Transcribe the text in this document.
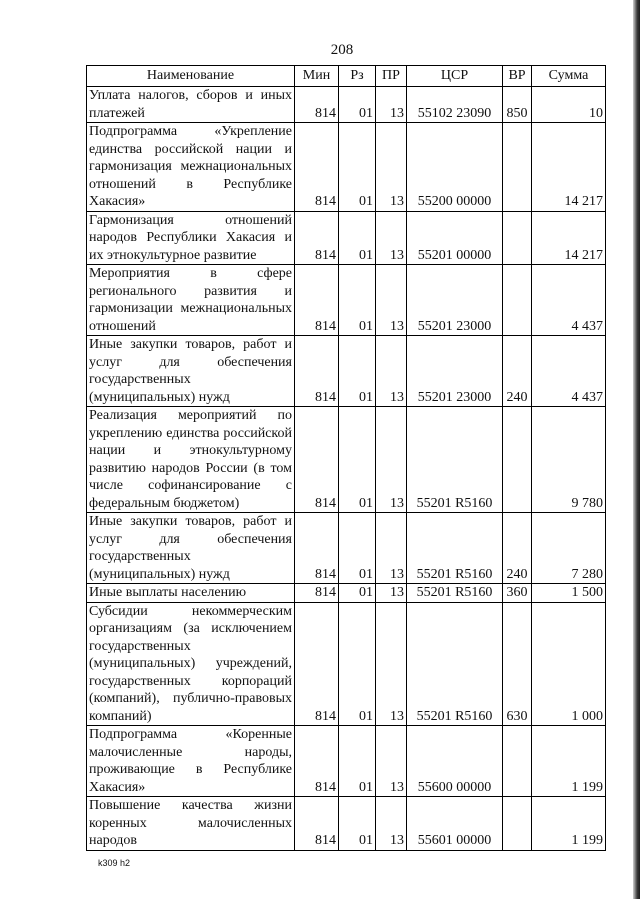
208
Наименование	Мин	Рз	ПР	ЦСР	ВР	Сумма
Уплата налогов, сборов и иных платежей	814	01	13	55102 23090	850	10
Подпрограмма «Укрепление единства российской нации и гармонизация межнациональных отношений в Республике Хакасия»	814	01	13	55200 00000		14 217
Гармонизация отношений народов Республики Хакасия и их этнокультурное развитие	814	01	13	55201 00000		14 217
Мероприятия в сфере регионального развития и гармонизации межнациональных отношений	814	01	13	55201 23000		4 437
Иные закупки товаров, работ и услуг для обеспечения государственных (муниципальных) нужд	814	01	13	55201 23000	240	4 437
Реализация мероприятий по укреплению единства российской нации и этнокультурному развитию народов России (в том числе софинансирование с федеральным бюджетом)	814	01	13	55201 R5160		9 780
Иные закупки товаров, работ и услуг для обеспечения государственных (муниципальных) нужд	814	01	13	55201 R5160	240	7 280
Иные выплаты населению	814	01	13	55201 R5160	360	1 500
Субсидии некоммерческим организациям (за исключением государственных (муниципальных) учреждений, государственных корпораций (компаний), публично-правовых компаний)	814	01	13	55201 R5160	630	1 000
Подпрограмма «Коренные малочисленные народы, проживающие в Республике Хакасия»	814	01	13	55600 00000		1 199
Повышение качества жизни коренных малочисленных народов	814	01	13	55601 00000		1 199
k309 h2
